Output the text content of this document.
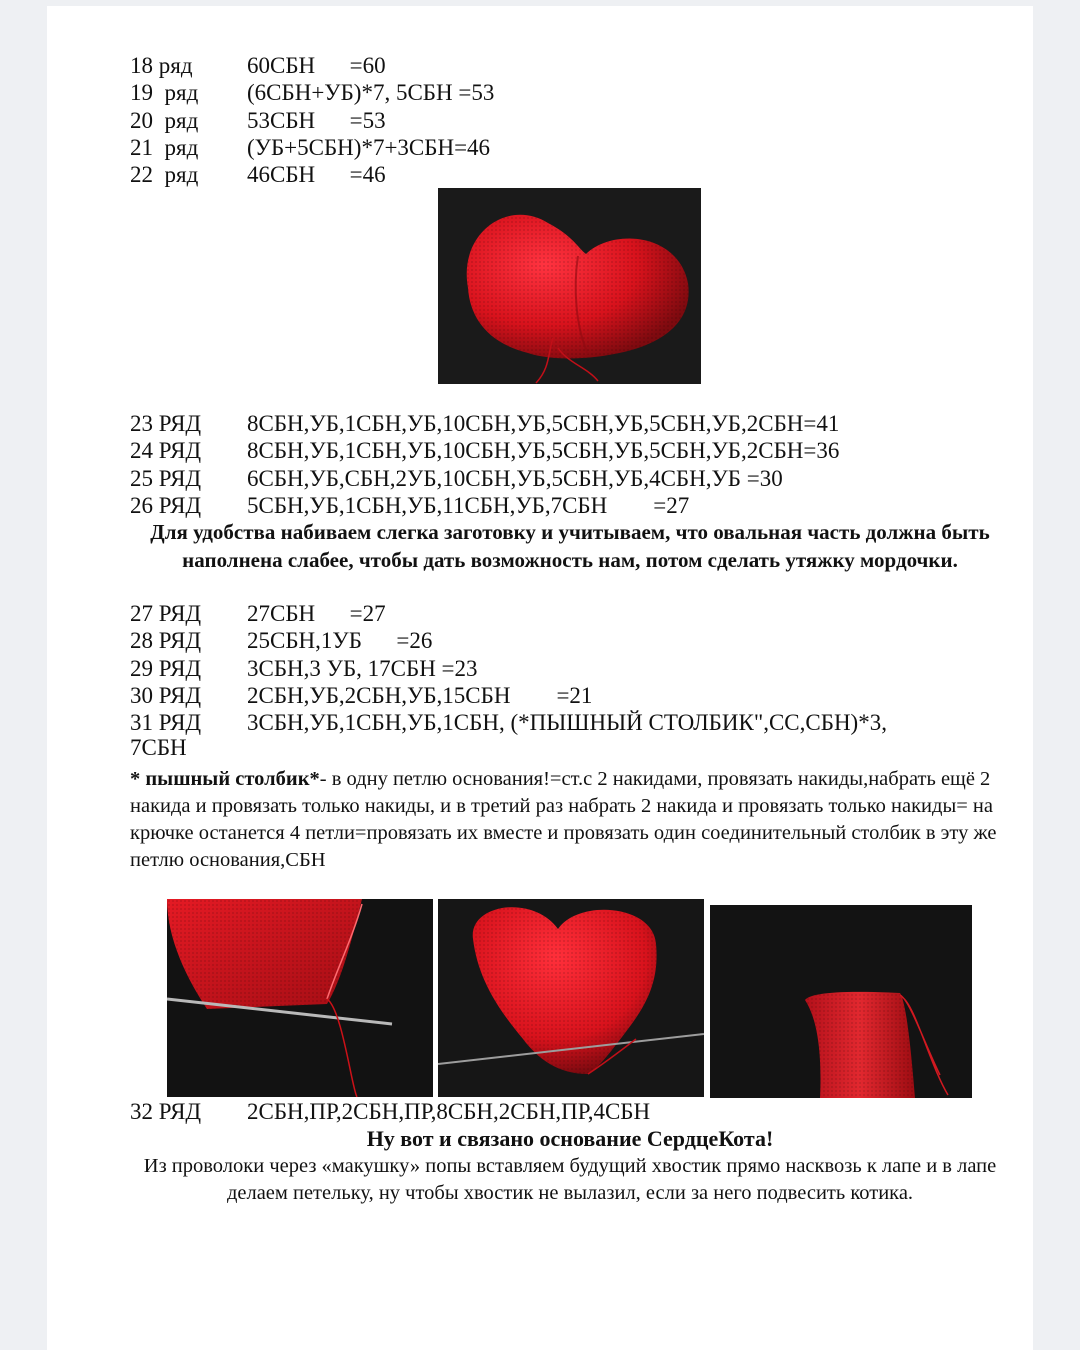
18 ряд	60СБН      =60
19  ряд	(6СБН+УБ)*7, 5СБН =53
20  ряд	53СБН      =53
21  ряд	(УБ+5СБН)*7+3СБН=46
22  ряд	46СБН      =46
23 РЯД	8СБН,УБ,1СБН,УБ,10СБН,УБ,5СБН,УБ,5СБН,УБ,2СБН=41
24 РЯД	8СБН,УБ,1СБН,УБ,10СБН,УБ,5СБН,УБ,5СБН,УБ,2СБН=36
25 РЯД	6СБН,УБ,СБН,2УБ,10СБН,УБ,5СБН,УБ,4СБН,УБ =30
26 РЯД	5СБН,УБ,1СБН,УБ,11СБН,УБ,7СБН        =27
Для удобства набиваем слегка заготовку и учитываем, что овальная часть должна быть наполнена слабее, чтобы дать возможность нам, потом сделать утяжку мордочки.
27 РЯД	27СБН      =27
28 РЯД	25СБН,1УБ      =26
29 РЯД	3СБН,3 УБ, 17СБН =23
30 РЯД	2СБН,УБ,2СБН,УБ,15СБН        =21
31 РЯД	3СБН,УБ,1СБН,УБ,1СБН, (*ПЫШНЫЙ СТОЛБИК",СС,СБН)*3,
7СБН
* пышный столбик*- в одну петлю основания!=ст.с 2 накидами, провязать накиды,набрать ещё 2 накида и провязать только накиды, и в третий раз набрать 2 накида и провязать только накиды= на крючке останется 4 петли=провязать их вместе и провязать один соединительный столбик в эту же петлю основания,СБН
32 РЯД	2СБН,ПР,2СБН,ПР,8СБН,2СБН,ПР,4СБН
Ну вот и связано основание СердцеКота!
Из проволоки через «макушку» попы вставляем будущий хвостик прямо насквозь к лапе и в лапе делаем петельку, ну чтобы хвостик не вылазил, если за него подвесить котика.
